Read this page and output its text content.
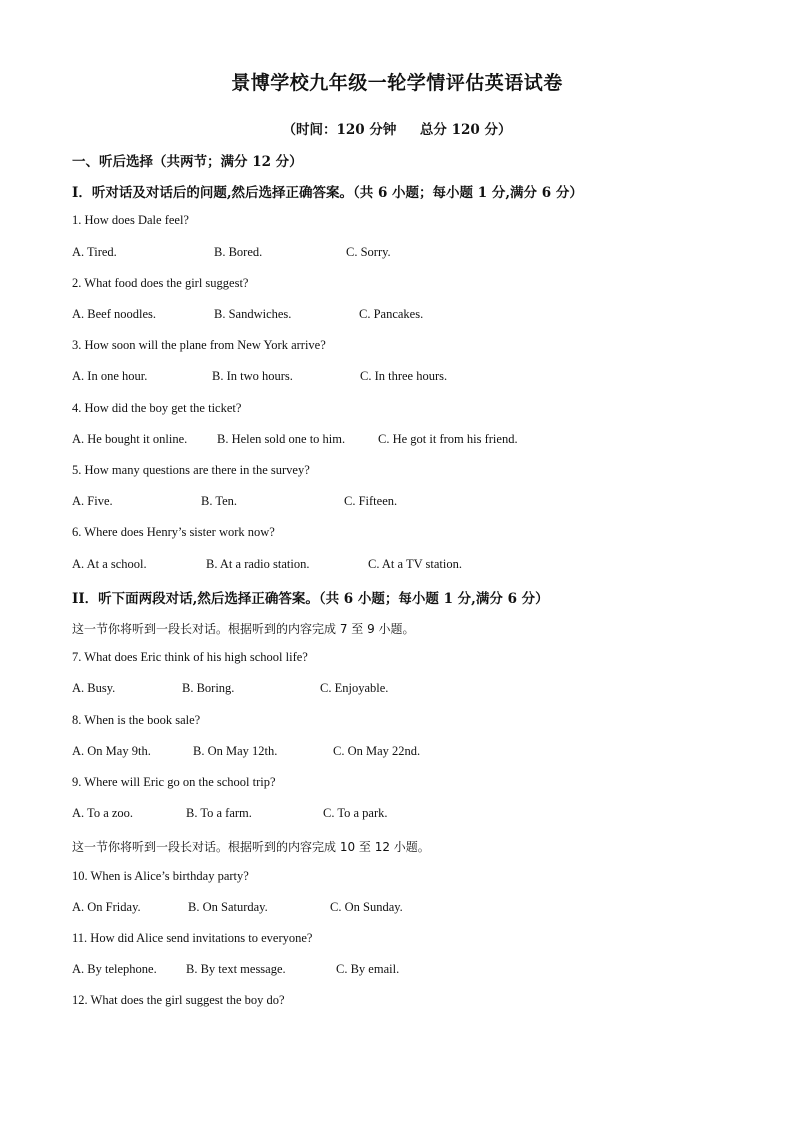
景博学校九年级一轮学情评估英语试卷
（时间：120 分钟     总分 120 分）
一、听后选择（共两节；满分 12 分）
I．听对话及对话后的问题,然后选择正确答案。（共 6 小题；每小题 1 分,满分 6 分）
1. How does Dale feel?
A. Tired.	B. Bored.	C. Sorry.
2. What food does the girl suggest?
A. Beef noodles.	B. Sandwiches.	C. Pancakes.
3. How soon will the plane from New York arrive?
A. In one hour.	B. In two hours.	C. In three hours.
4. How did the boy get the ticket?
A. He bought it online. B. Helen sold one to him.	C. He got it from his friend.
5. How many questions are there in the survey?
A. Five.	B. Ten.	C. Fifteen.
6. Where does Henry’s sister work now?
A. At a school.	B. At a radio station.	C. At a TV station.
II．听下面两段对话,然后选择正确答案。（共 6 小题；每小题 1 分,满分 6 分）
这一节你将听到一段长对话。根据听到的内容完成 7 至 9 小题。
7. What does Eric think of his high school life?
A. Busy.	B. Boring.	C. Enjoyable.
8. When is the book sale?
A. On May 9th.	B. On May 12th.	C. On May 22nd.
9. Where will Eric go on the school trip?
A. To a zoo.	B. To a farm.	C. To a park.
这一节你将听到一段长对话。根据听到的内容完成 10 至 12 小题。
10. When is Alice’s birthday party?
A. On Friday.	B. On Saturday.	C. On Sunday.
11. How did Alice send invitations to everyone?
A. By telephone. B. By text message.	C. By email.
12. What does the girl suggest the boy do?
